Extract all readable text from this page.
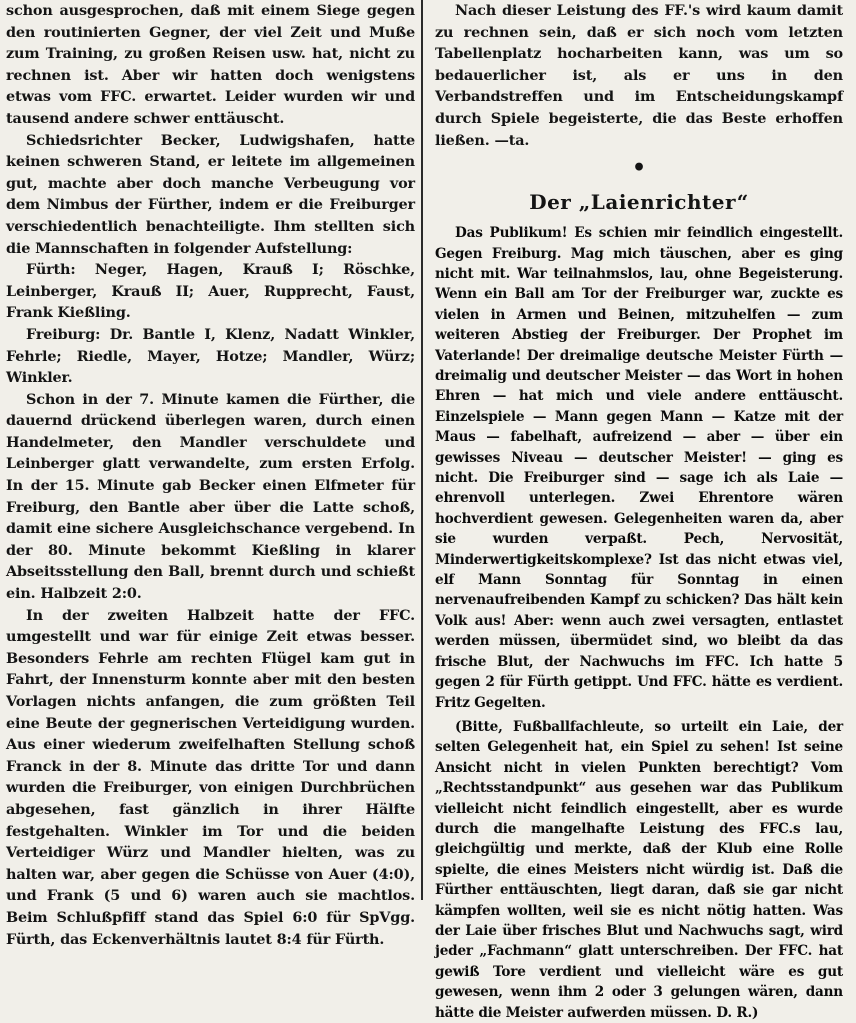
schon ausgesprochen, daß mit einem Siege gegen den routinierten Gegner, der viel Zeit und Muße zum Training, zu großen Reisen usw. hat, nicht zu rechnen ist. Aber wir hatten doch wenigstens etwas vom FFC. erwartet. Leider wurden wir und tausend andere schwer enttäuscht.

Schiedsrichter Becker, Ludwigshafen, hatte keinen schweren Stand, er leitete im allgemeinen gut, machte aber doch manche Verbeugung vor dem Nimbus der Fürther, indem er die Freiburger verschiedentlich benachteiligte. Ihm stellten sich die Mannschaften in folgender Aufstellung:

Fürth: Neger, Hagen, Krauß I; Röschke, Leinberger, Krauß II; Auer, Rupprecht, Faust, Frank Kießling.

Freiburg: Dr. Bantle I, Klenz, Nadatt Winkler, Fehrle; Riedle, Mayer, Hotze; Mandler, Würz; Winkler.

Schon in der 7. Minute kamen die Fürther, die dauernd drückend überlegen waren, durch einen Handelmeter, den Mandler verschuldete und Leinberger glatt verwandelte, zum ersten Erfolg. In der 15. Minute gab Becker einen Elfmeter für Freiburg, den Bantle aber über die Latte schoß, damit eine sichere Ausgleichschance vergebend. In der 80. Minute bekommt Kießling in klarer Abseitsstellung den Ball, brennt durch und schießt ein. Halbzeit 2:0.

In der zweiten Halbzeit hatte der FFC. umgestellt und war für einige Zeit etwas besser. Besonders Fehrle am rechten Flügel kam gut in Fahrt, der Innensturm konnte aber mit den besten Vorlagen nichts anfangen, die zum größten Teil eine Beute der gegnerischen Verteidigung wurden. Aus einer wiederum zweifelhaften Stellung schoß Franck in der 8. Minute das dritte Tor und dann wurden die Freiburger, von einigen Durchbrüchen abgesehen, fast gänzlich in ihrer Hälfte festgehalten. Winkler im Tor und die beiden Verteidiger Würz und Mandler hielten, was zu halten war, aber gegen die Schüsse von Auer (4:0), und Frank (5 und 6) waren auch sie machtlos. Beim Schlußpfiff stand das Spiel 6:0 für SpVgg. Fürth, das Eckenverhältnis lautet 8:4 für Fürth.

Nach dieser Leistung des FF.'s wird kaum damit zu rechnen sein, daß er sich noch vom letzten Tabellenplatz hocharbeiten kann, was um so bedauerlicher ist, als er uns in den Verbandstreffen und im Entscheidungskampf durch Spiele begeisterte, die das Beste erhoffen ließen. —ta.

•
Der „Laienrichter“

Das Publikum! Es schien mir feindlich eingestellt. Gegen Freiburg. Mag mich täuschen, aber es ging nicht mit. War teilnahmslos, lau, ohne Begeisterung. Wenn ein Ball am Tor der Freiburger war, zuckte es vielen in Armen und Beinen, mitzuhelfen — zum weiteren Abstieg der Freiburger. Der Prophet im Vaterlande! Der dreimalige deutsche Meister Fürth — dreimalig und deutscher Meister — das Wort in hohen Ehren — hat mich und viele andere enttäuscht. Einzelspiele — Mann gegen Mann — Katze mit der Maus — fabelhaft, aufreizend — aber — über ein gewisses Niveau — deutscher Meister! — ging es nicht. Die Freiburger sind — sage ich als Laie — ehrenvoll unterlegen. Zwei Ehrentore wären hochverdient gewesen. Gelegenheiten waren da, aber sie wurden verpaßt. Pech, Nervosität, Minderwertigkeitskomplexe? Ist das nicht etwas viel, elf Mann Sonntag für Sonntag in einen nervenaufreibenden Kampf zu schicken? Das hält kein Volk aus! Aber: wenn auch zwei versagten, entlastet werden müssen, übermüdet sind, wo bleibt da das frische Blut, der Nachwuchs im FFC. Ich hatte 5 gegen 2 für Fürth getippt. Und FFC. hätte es verdient. Fritz Gegelten.

(Bitte, Fußballfachleute, so urteilt ein Laie, der selten Gelegenheit hat, ein Spiel zu sehen! Ist seine Ansicht nicht in vielen Punkten berechtigt? Vom „Rechtsstandpunkt“ aus gesehen war das Publikum vielleicht nicht feindlich eingestellt, aber es wurde durch die mangelhafte Leistung des FFC.s lau, gleichgültig und merkte, daß der Klub eine Rolle spielte, die eines Meisters nicht würdig ist. Daß die Fürther enttäuschten, liegt daran, daß sie gar nicht kämpfen wollten, weil sie es nicht nötig hatten. Was der Laie über frisches Blut und Nachwuchs sagt, wird jeder „Fachmann“ glatt unterschreiben. Der FFC. hat gewiß Tore verdient und vielleicht wäre es gut gewesen, wenn ihm 2 oder 3 gelungen wären, dann hätte die Meister aufwerden müssen. D. R.)
